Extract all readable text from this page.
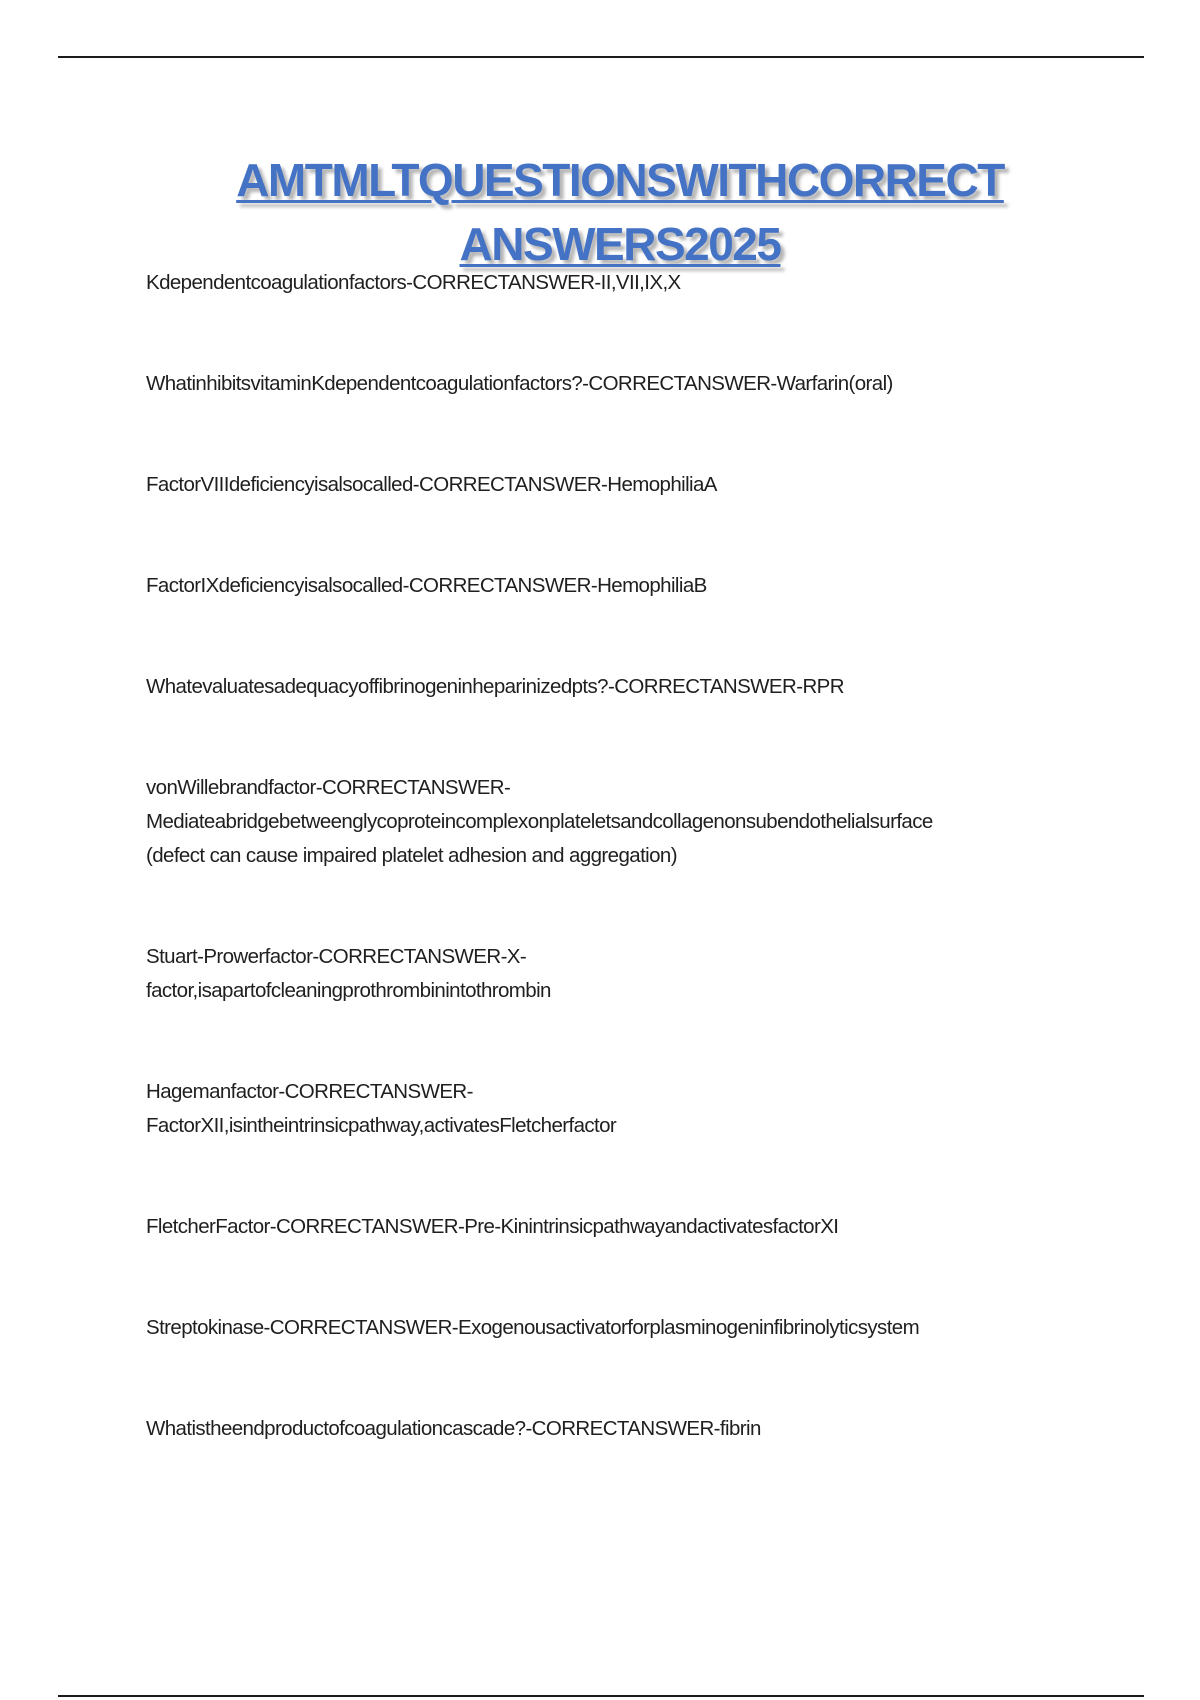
AMTMLTQUESTIONSWITHCORRECT
ANSWERS2025

Kdependentcoagulationfactors-CORRECTANSWER-II,VII,IX,X

WhatinhibitsvitaminKdependentcoagulationfactors?-CORRECTANSWER-Warfarin(oral)

FactorVIIIdeficiencyisalsocalled-CORRECTANSWER-HemophiliaA

FactorIXdeficiencyisalsocalled-CORRECTANSWER-HemophiliaB

Whatevaluatesadequacyoffibrinogeninheparinizedpts?-CORRECTANSWER-RPR

vonWillebrandfactor-CORRECTANSWER-

Mediateabridgebetweenglycoproteincomplexonplateletsandcollagenonsubendothelialsurface

(defect can cause impaired platelet adhesion and aggregation)

Stuart-Prowerfactor-CORRECTANSWER-X-

factor,isapartofcleaningprothrombinintothrombin

Hagemanfactor-CORRECTANSWER-

FactorXII,isintheintrinsicpathway,activatesFletcherfactor

FletcherFactor-CORRECTANSWER-Pre-KinintrinsicpathwayandactivatesfactorXI

Streptokinase-CORRECTANSWER-Exogenousactivatorforplasminogeninfibrinolyticsystem

Whatistheendproductofcoagulationcascade?-CORRECTANSWER-fibrin
